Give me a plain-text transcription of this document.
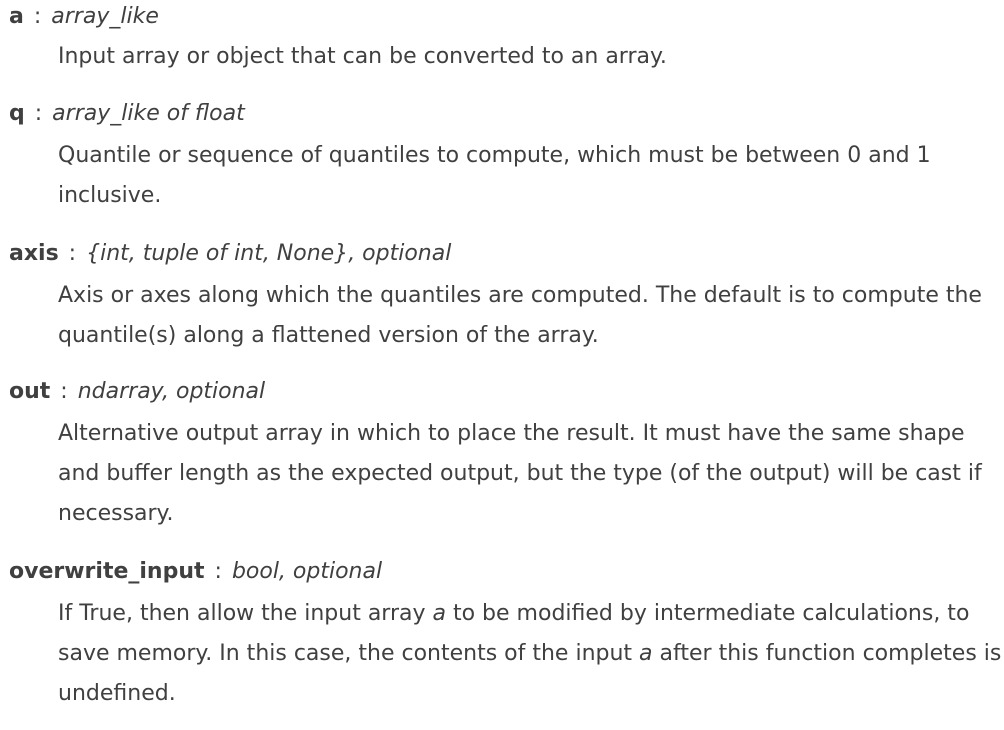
a : array_like

Input array or object that can be converted to an array.

q : array_like of float

Quantile or sequence of quantiles to compute, which must be between 0 and 1 inclusive.

axis : {int, tuple of int, None}, optional

Axis or axes along which the quantiles are computed. The default is to compute the quantile(s) along a flattened version of the array.

out : ndarray, optional

Alternative output array in which to place the result. It must have the same shape and buffer length as the expected output, but the type (of the output) will be cast if necessary.

overwrite_input : bool, optional

If True, then allow the input array a to be modified by intermediate calculations, to save memory. In this case, the contents of the input a after this function completes is undefined.
